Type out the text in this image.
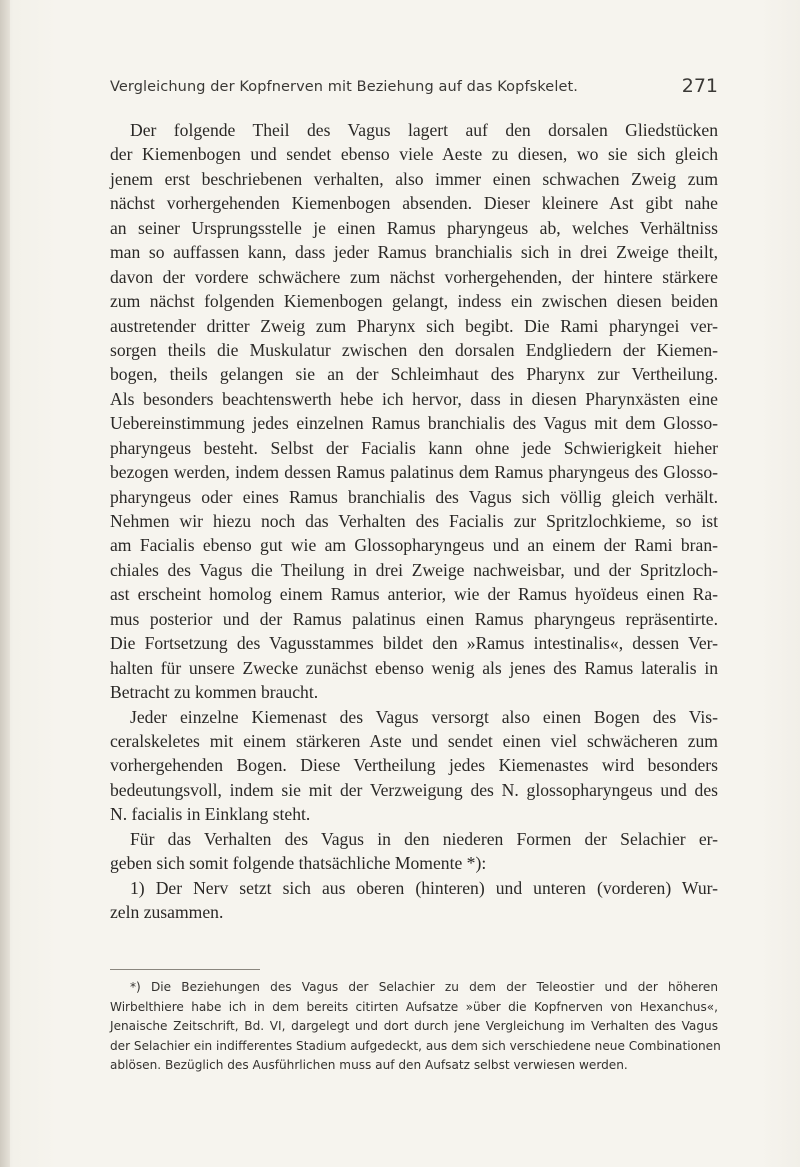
Vergleichung der Kopfnerven mit Beziehung auf das Kopfskelet.	271
Der folgende Theil des Vagus lagert auf den dorsalen Gliedstücken
der Kiemenbogen und sendet ebenso viele Aeste zu diesen, wo sie sich gleich
jenem erst beschriebenen verhalten, also immer einen schwachen Zweig zum
nächst vorhergehenden Kiemenbogen absenden. Dieser kleinere Ast gibt nahe
an seiner Ursprungsstelle je einen Ramus pharyngeus ab, welches Verhältniss
man so auffassen kann, dass jeder Ramus branchialis sich in drei Zweige theilt,
davon der vordere schwächere zum nächst vorhergehenden, der hintere stärkere
zum nächst folgenden Kiemenbogen gelangt, indess ein zwischen diesen beiden
austretender dritter Zweig zum Pharynx sich begibt. Die Rami pharyngei ver-
sorgen theils die Muskulatur zwischen den dorsalen Endgliedern der Kiemen-
bogen, theils gelangen sie an der Schleimhaut des Pharynx zur Vertheilung.
Als besonders beachtenswerth hebe ich hervor, dass in diesen Pharynxästen eine
Uebereinstimmung jedes einzelnen Ramus branchialis des Vagus mit dem Glosso-
pharyngeus besteht. Selbst der Facialis kann ohne jede Schwierigkeit hieher
bezogen werden, indem dessen Ramus palatinus dem Ramus pharyngeus des Glosso-
pharyngeus oder eines Ramus branchialis des Vagus sich völlig gleich verhält.
Nehmen wir hiezu noch das Verhalten des Facialis zur Spritzlochkieme, so ist
am Facialis ebenso gut wie am Glossopharyngeus und an einem der Rami bran-
chiales des Vagus die Theilung in drei Zweige nachweisbar, und der Spritzloch-
ast erscheint homolog einem Ramus anterior, wie der Ramus hyoïdeus einen Ra-
mus posterior und der Ramus palatinus einen Ramus pharyngeus repräsentirte.
Die Fortsetzung des Vagusstammes bildet den »Ramus intestinalis«, dessen Ver-
halten für unsere Zwecke zunächst ebenso wenig als jenes des Ramus lateralis in
Betracht zu kommen braucht.
Jeder einzelne Kiemenast des Vagus versorgt also einen Bogen des Vis-
ceralskeletes mit einem stärkeren Aste und sendet einen viel schwächeren zum
vorhergehenden Bogen. Diese Vertheilung jedes Kiemenastes wird besonders
bedeutungsvoll, indem sie mit der Verzweigung des N. glossopharyngeus und des
N. facialis in Einklang steht.
Für das Verhalten des Vagus in den niederen Formen der Selachier er-
geben sich somit folgende thatsächliche Momente *):
1) Der Nerv setzt sich aus oberen (hinteren) und unteren (vorderen) Wur-
zeln zusammen.
*) Die Beziehungen des Vagus der Selachier zu dem der Teleostier und der höheren
Wirbelthiere habe ich in dem bereits citirten Aufsatze »über die Kopfnerven von Hexanchus«,
Jenaische Zeitschrift, Bd. VI, dargelegt und dort durch jene Vergleichung im Verhalten des Vagus
der Selachier ein indifferentes Stadium aufgedeckt, aus dem sich verschiedene neue Combinationen
ablösen. Bezüglich des Ausführlichen muss auf den Aufsatz selbst verwiesen werden.
